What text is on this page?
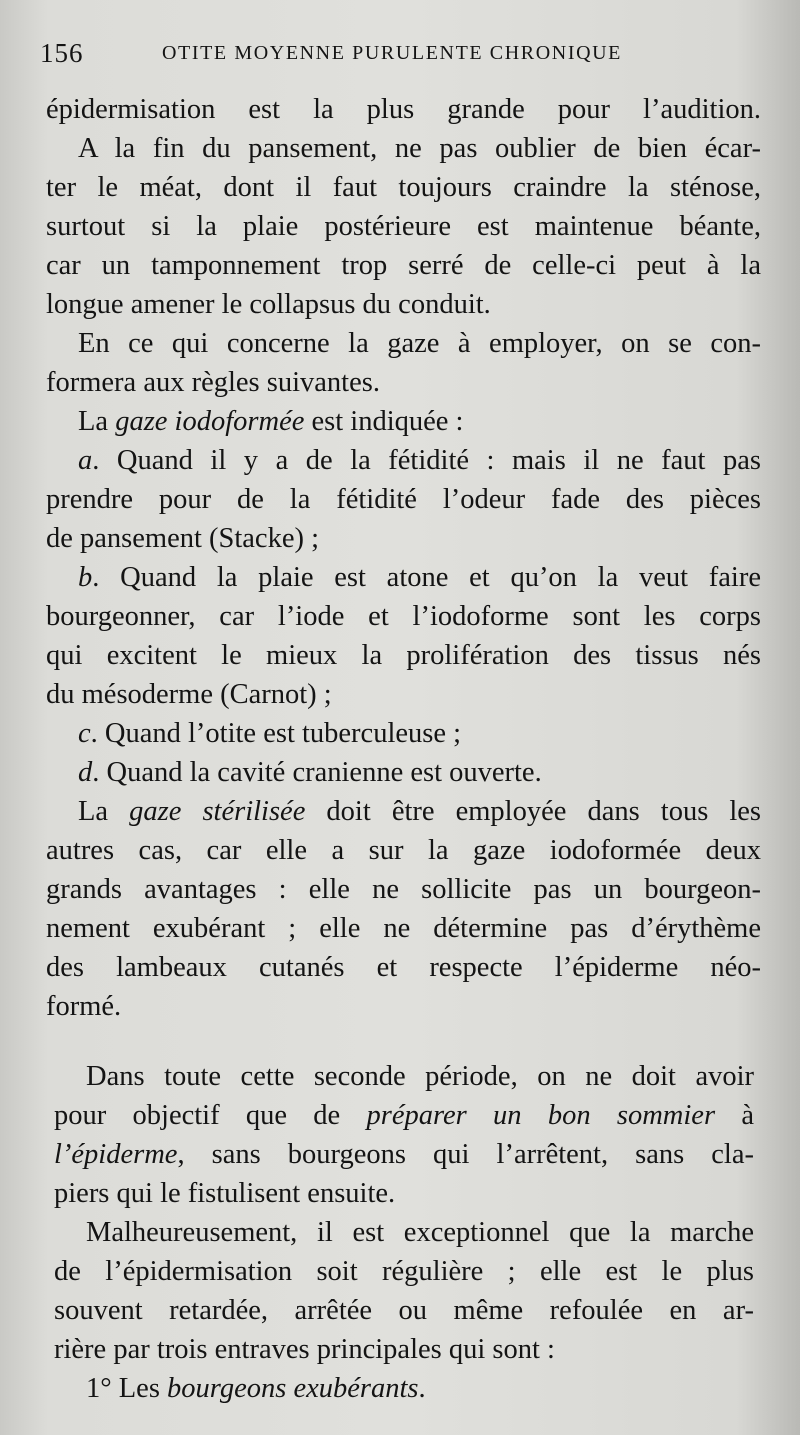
156	OTITE MOYENNE PURULENTE CHRONIQUE
épidermisation est la plus grande pour l’audition.
A la fin du pansement, ne pas oublier de bien écar-
ter le méat, dont il faut toujours craindre la sténose,
surtout si la plaie postérieure est maintenue béante,
car un tamponnement trop serré de celle-ci peut à la
longue amener le collapsus du conduit.
En ce qui concerne la gaze à employer, on se con-
formera aux règles suivantes.
La gaze iodoformée est indiquée :
a. Quand il y a de la fétidité : mais il ne faut pas
prendre pour de la fétidité l’odeur fade des pièces
de pansement (Stacke) ;
b. Quand la plaie est atone et qu’on la veut faire
bourgeonner, car l’iode et l’iodoforme sont les corps
qui excitent le mieux la prolifération des tissus nés
du mésoderme (Carnot) ;
c. Quand l’otite est tuberculeuse ;
d. Quand la cavité cranienne est ouverte.
La gaze stérilisée doit être employée dans tous les
autres cas, car elle a sur la gaze iodoformée deux
grands avantages : elle ne sollicite pas un bourgeon-
nement exubérant ; elle ne détermine pas d’érythème
des lambeaux cutanés et respecte l’épiderme néo-
formé.
Dans toute cette seconde période, on ne doit avoir
pour objectif que de préparer un bon sommier à
l’épiderme, sans bourgeons qui l’arrêtent, sans cla-
piers qui le fistulisent ensuite.
Malheureusement, il est exceptionnel que la marche
de l’épidermisation soit régulière ; elle est le plus
souvent retardée, arrêtée ou même refoulée en ar-
rière par trois entraves principales qui sont :
1° Les bourgeons exubérants.
